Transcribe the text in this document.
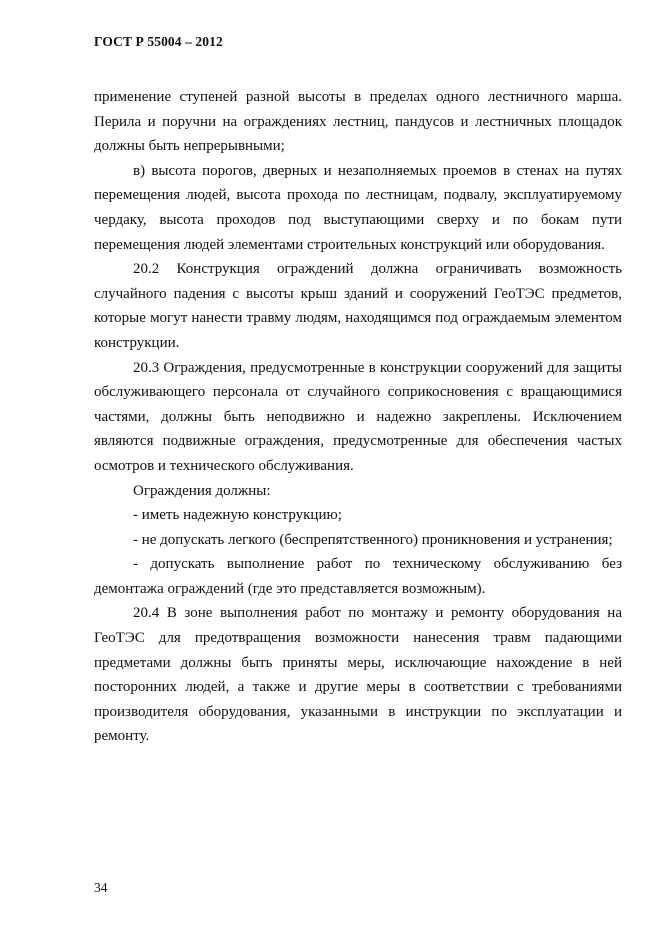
ГОСТ Р 55004 – 2012

применение ступеней разной высоты в пределах одного лестничного марша. Перила и поручни на ограждениях лестниц, пандусов и лестничных площадок должны быть непрерывными;

в) высота порогов, дверных и незаполняемых проемов в стенах на путях перемещения людей, высота прохода по лестницам, подвалу, эксплуатируемому чердаку, высота проходов под выступающими сверху и по бокам пути перемещения людей элементами строительных конструкций или оборудования.

20.2 Конструкция ограждений должна ограничивать возможность случайного падения с высоты крыш зданий и сооружений ГеоТЭС предметов, которые могут нанести травму людям, находящимся под ограждаемым элементом конструкции.

20.3 Ограждения, предусмотренные в конструкции сооружений для защиты обслуживающего персонала от случайного соприкосновения с вращающимися частями, должны быть неподвижно и надежно закреплены. Исключением являются подвижные ограждения, предусмотренные для обеспечения частых осмотров и технического обслуживания.

Ограждения должны:

- иметь надежную конструкцию;

- не допускать легкого (беспрепятственного) проникновения и устранения;

- допускать выполнение работ по техническому обслуживанию без демонтажа ограждений (где это представляется возможным).

20.4 В зоне выполнения работ по монтажу и ремонту оборудования на ГеоТЭС для предотвращения возможности нанесения травм падающими предметами должны быть приняты меры, исключающие нахождение в ней посторонних людей, а также и другие меры в соответствии с требованиями производителя оборудования, указанными в инструкции по эксплуатации и ремонту.

34
